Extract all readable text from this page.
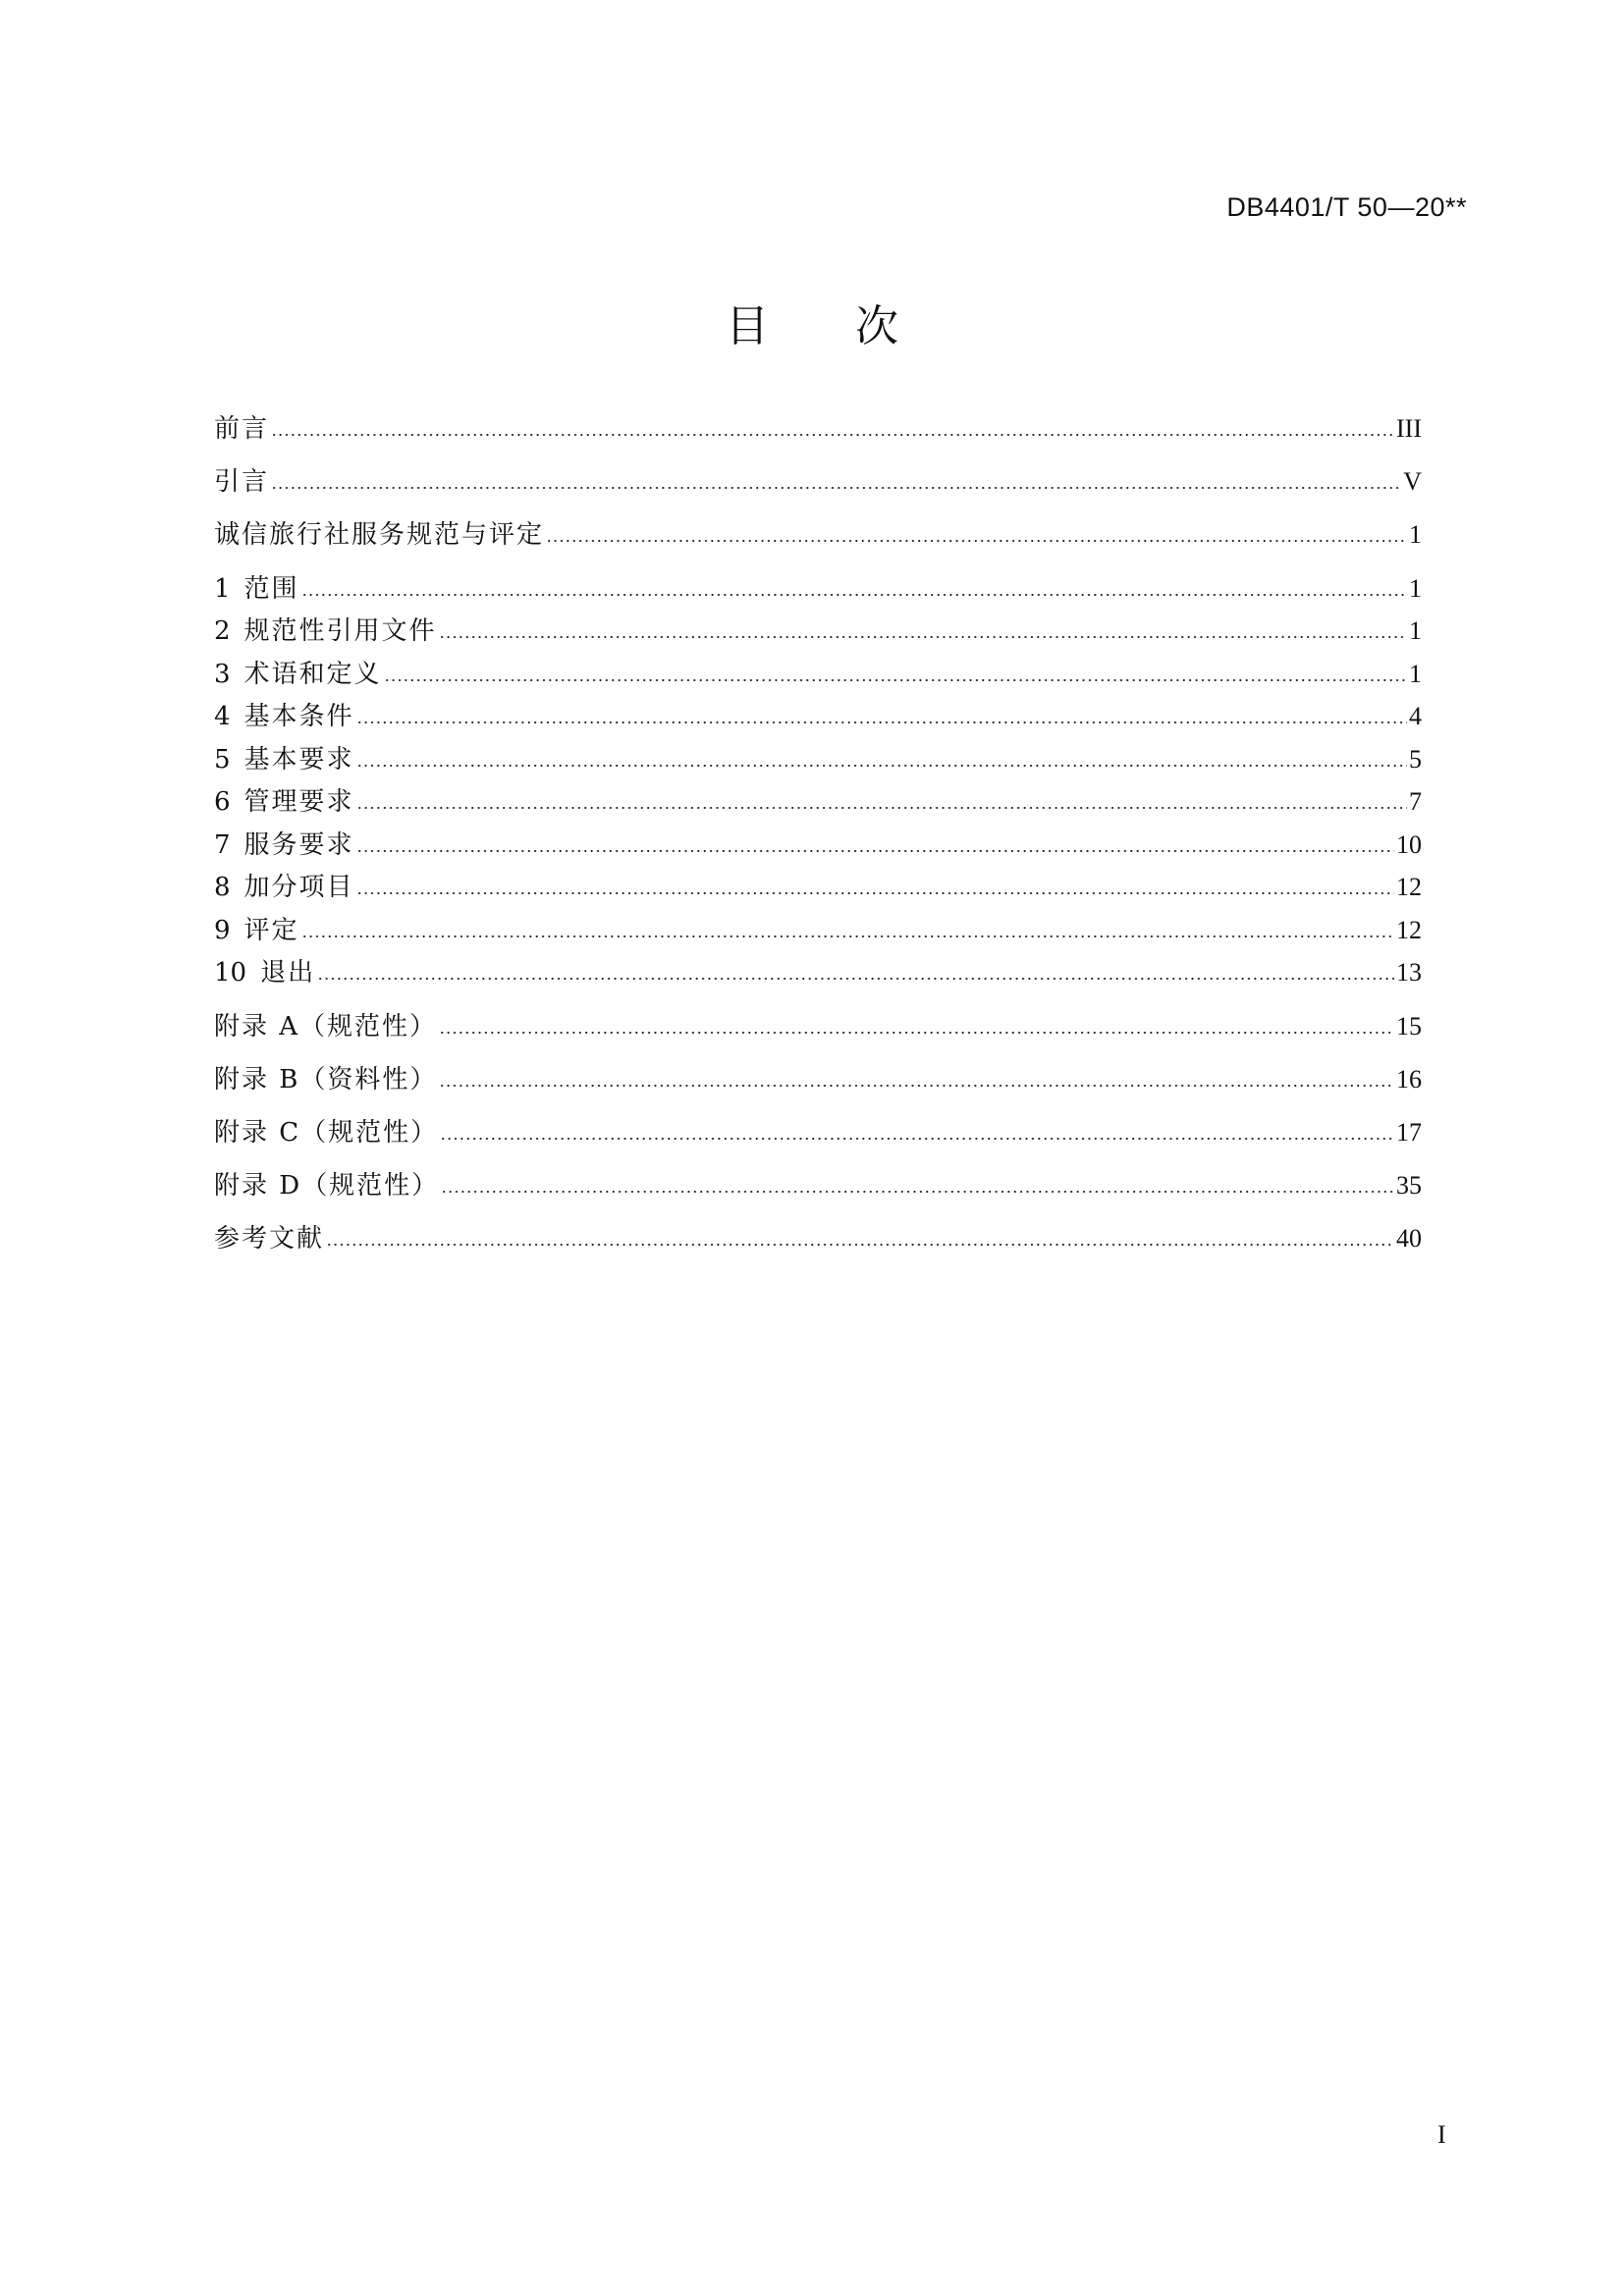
DB4401/T 50—20**
目 次
前言	III
引言	V
诚信旅行社服务规范与评定	1
1 范围	1
2 规范性引用文件	1
3 术语和定义	1
4 基本条件	4
5 基本要求	5
6 管理要求	7
7 服务要求	10
8 加分项目	12
9 评定	12
10 退出	13
附录 A（规范性）	15
附录 B（资料性）	16
附录 C（规范性）	17
附录 D（规范性）	35
参考文献	40
I
